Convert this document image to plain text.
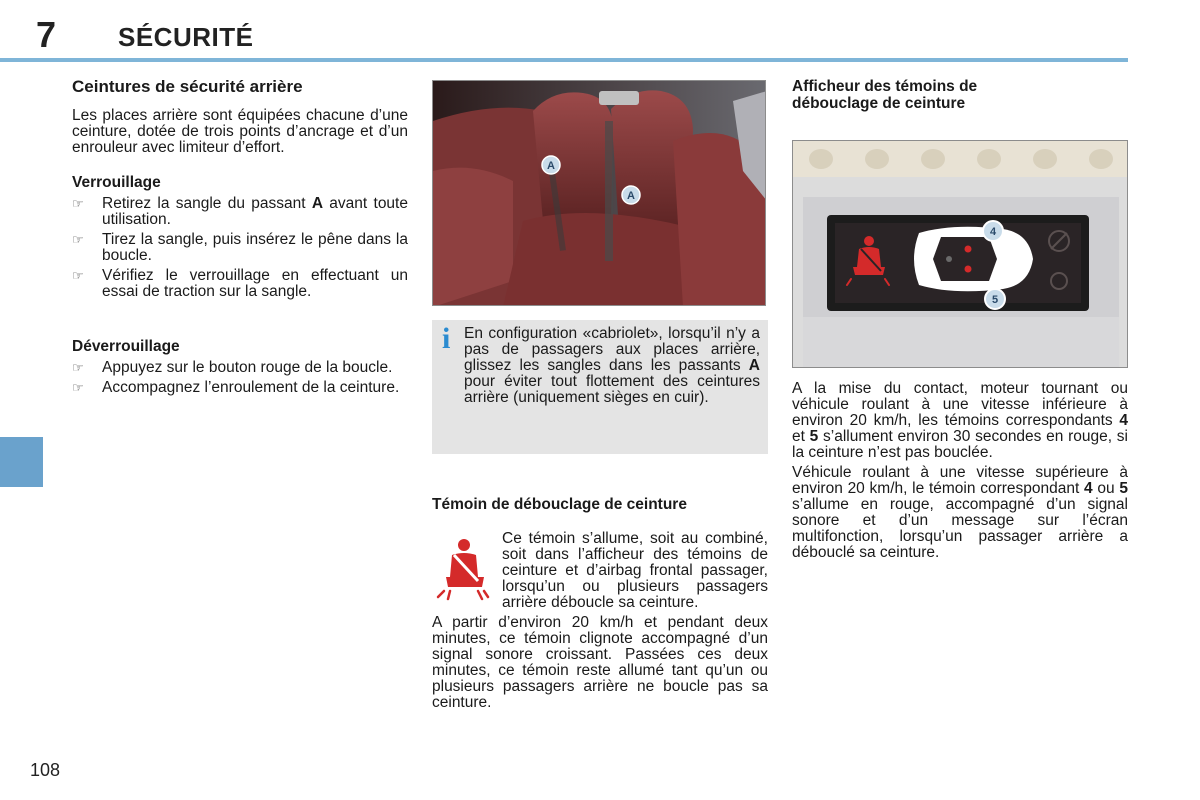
7 SÉCURITÉ
108
Ceintures de sécurité arrière

Les places arrière sont équipées chacune d’une ceinture, dotée de trois points d’ancrage et d’un enrouleur avec limiteur d’effort.

Verrouillage
☞ Retirez la sangle du passant A avant toute utilisation.
☞ Tirez la sangle, puis insérez le pêne dans la boucle.
☞ Vérifiez le verrouillage en effectuant un essai de traction sur la sangle.
Déverrouillage
☞ Appuyez sur le bouton rouge de la boucle.
☞ Accompagnez l’enroulement de la ceinture.
A
A
i En configuration «cabriolet», lorsqu’il n’y a pas de passagers aux places arrière, glissez les sangles dans les passants A pour éviter tout flottement des ceintures arrière (uniquement sièges en cuir).
Témoin de débouclage de ceinture

Ce témoin s’allume, soit au combiné, soit dans l’afficheur des témoins de ceinture et d’airbag frontal passager, lorsqu’un ou plusieurs passagers arrière déboucle sa ceinture.

A partir d’environ 20 km/h et pendant deux minutes, ce témoin clignote accompagné d’un signal sonore croissant. Passées ces deux minutes, ce témoin reste allumé tant qu’un ou plusieurs passagers arrière ne boucle pas sa ceinture.

Afficheur des témoins de débouclage de ceinture
4
5

A la mise du contact, moteur tournant ou véhicule roulant à une vitesse inférieure à environ 20 km/h, les témoins correspondants 4 et 5 s’allument environ 30 secondes en rouge, si la ceinture n’est pas bouclée.

Véhicule roulant à une vitesse supérieure à environ 20 km/h, le témoin correspondant 4 ou 5 s’allume en rouge, accompagné d’un signal sonore et d’un message sur l’écran multifonction, lorsqu’un passager arrière a débouclé sa ceinture.
